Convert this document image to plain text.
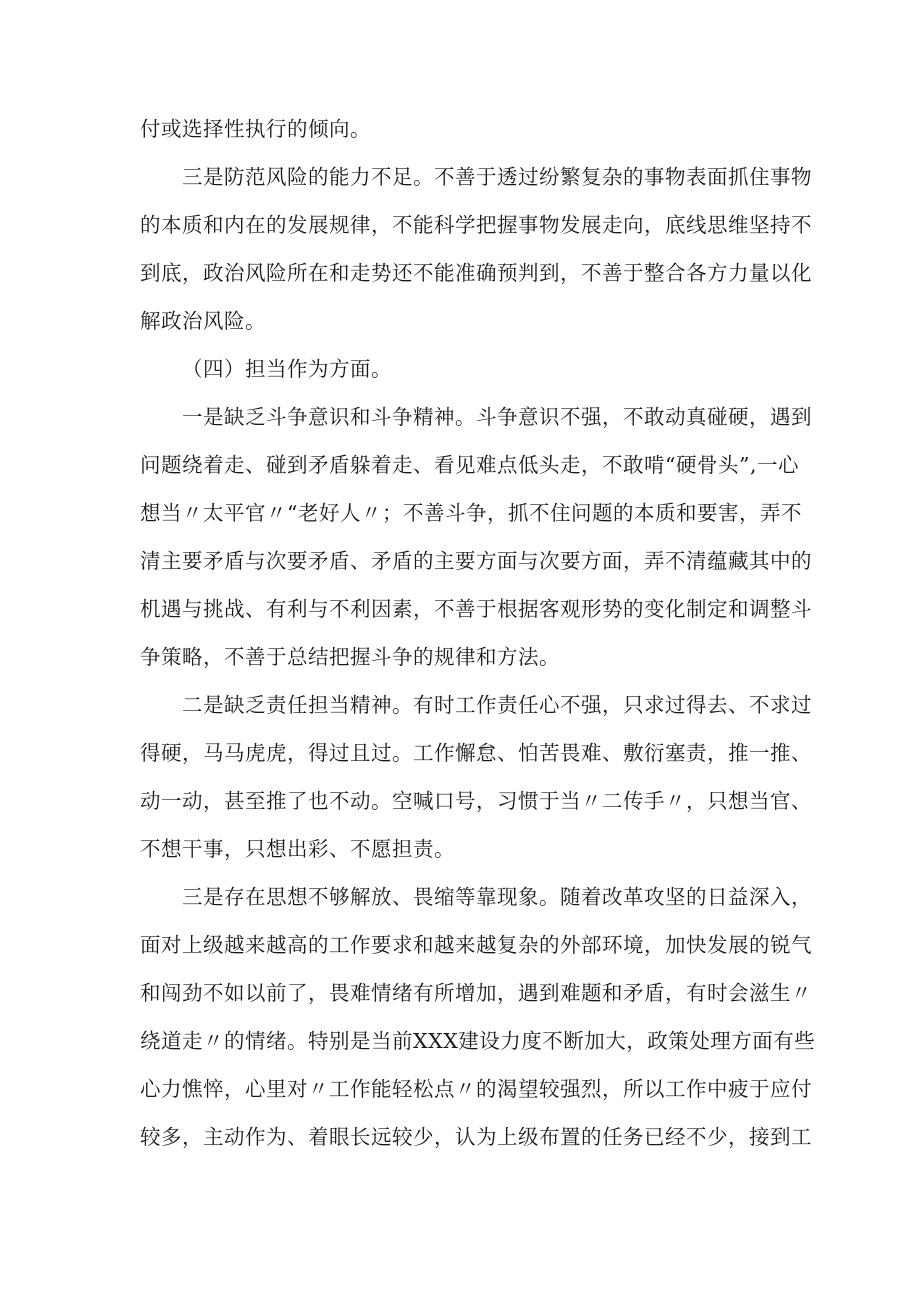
付或选择性执行的倾向。
三是防范风险的能力不足。不善于透过纷繁复杂的事物表面抓住事物
的本质和内在的发展规律，不能科学把握事物发展走向，底线思维坚持不
到底，政治风险所在和走势还不能准确预判到，不善于整合各方力量以化
解政治风险。
（四）担当作为方面。
一是缺乏斗争意识和斗争精神。斗争意识不强，不敢动真碰硬，遇到
问题绕着走、碰到矛盾躲着走、看见难点低头走，不敢啃“硬骨头”,一心
想当〃太平官〃“老好人〃；不善斗争，抓不住问题的本质和要害，弄不
清主要矛盾与次要矛盾、矛盾的主要方面与次要方面，弄不清蕴藏其中的
机遇与挑战、有利与不利因素，不善于根据客观形势的变化制定和调整斗
争策略，不善于总结把握斗争的规律和方法。
二是缺乏责任担当精神。有时工作责任心不强，只求过得去、不求过
得硬，马马虎虎，得过且过。工作懈怠、怕苦畏难、敷衍塞责，推一推、
动一动，甚至推了也不动。空喊口号，习惯于当〃二传手〃，只想当官、
不想干事，只想出彩、不愿担责。
三是存在思想不够解放、畏缩等靠现象。随着改革攻坚的日益深入，
面对上级越来越高的工作要求和越来越复杂的外部环境，加快发展的锐气
和闯劲不如以前了，畏难情绪有所增加，遇到难题和矛盾，有时会滋生〃
绕道走〃的情绪。特别是当前XXX建设力度不断加大，政策处理方面有些
心力憔悴，心里对〃工作能轻松点〃的渴望较强烈，所以工作中疲于应付
较多，主动作为、着眼长远较少，认为上级布置的任务已经不少，接到工
